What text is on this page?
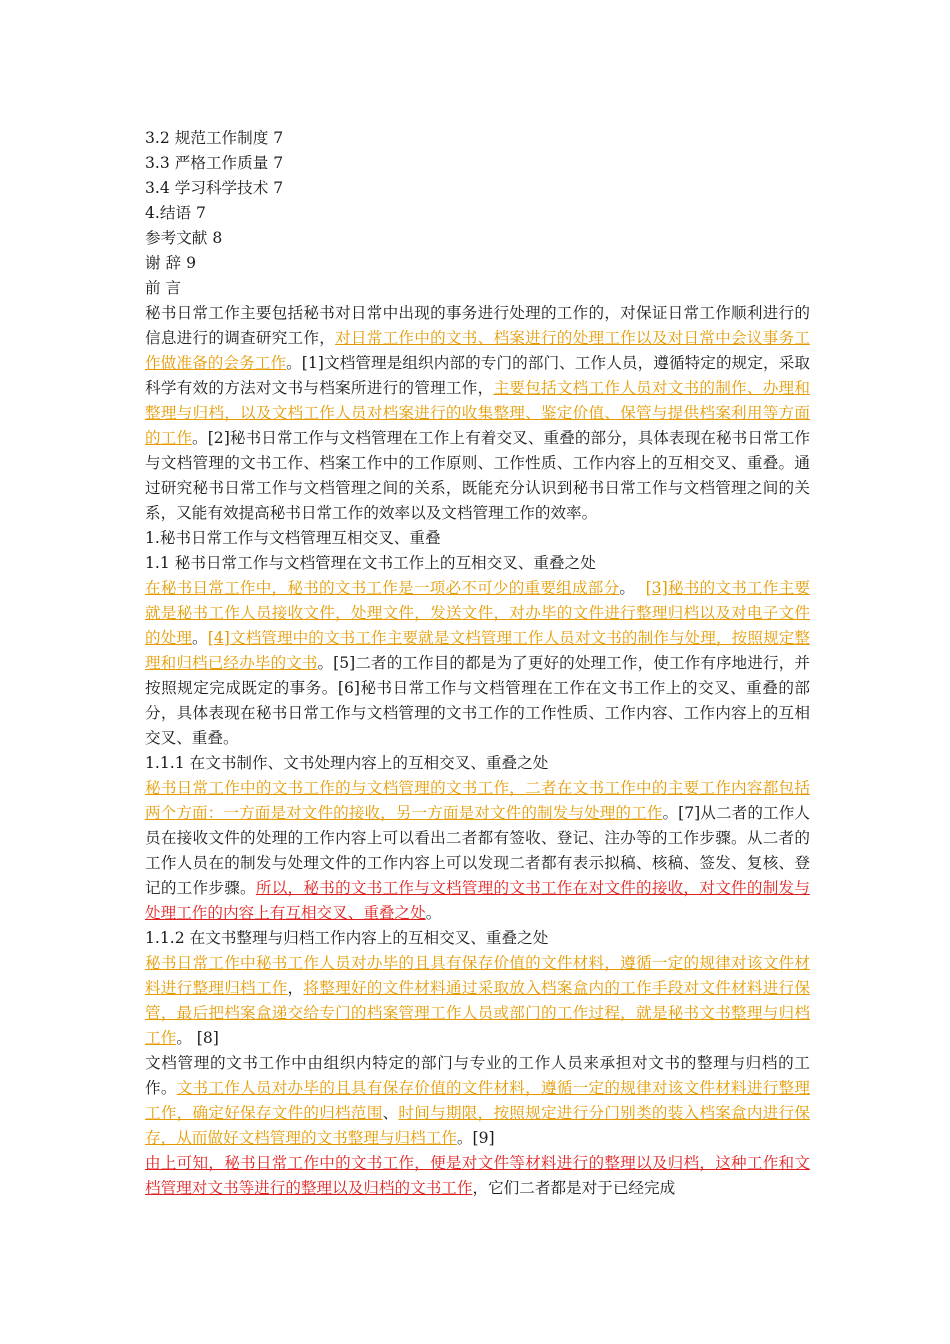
3.2 规范工作制度 7
3.3 严格工作质量 7
3.4 学习科学技术 7
4.结语 7
参考文献 8
谢 辞 9
前 言

秘书日常工作主要包括秘书对日常中出现的事务进行处理的工作的，对保证日常工作顺利进行的信息进行的调查研究工作，对日常工作中的文书、档案进行的处理工作以及对日常中会议事务工作做准备的会务工作。[1]文档管理是组织内部的专门的部门、工作人员，遵循特定的规定，采取科学有效的方法对文书与档案所进行的管理工作，主要包括文档工作人员对文书的制作、办理和整理与归档，以及文档工作人员对档案进行的收集整理、鉴定价值、保管与提供档案利用等方面的工作。[2]秘书日常工作与文档管理在工作上有着交叉、重叠的部分，具体表现在秘书日常工作与文档管理的文书工作、档案工作中的工作原则、工作性质、工作内容上的互相交叉、重叠。通过研究秘书日常工作与文档管理之间的关系，既能充分认识到秘书日常工作与文档管理之间的关系，又能有效提高秘书日常工作的效率以及文档管理工作的效率。

1.秘书日常工作与文档管理互相交叉、重叠
1.1 秘书日常工作与文档管理在文书工作上的互相交叉、重叠之处

在秘书日常工作中，秘书的文书工作是一项必不可少的重要组成部分。  [3]秘书的文书工作主要就是秘书工作人员接收文件，处理文件，发送文件，对办毕的文件进行整理归档以及对电子文件的处理。[4]文档管理中的文书工作主要就是文档管理工作人员对文书的制作与处理，按照规定整理和归档已经办毕的文书。[5]二者的工作目的都是为了更好的处理工作，使工作有序地进行，并按照规定完成既定的事务。[6]秘书日常工作与文档管理在工作在文书工作上的交叉、重叠的部分，具体表现在秘书日常工作与文档管理的文书工作的工作性质、工作内容、工作内容上的互相交叉、重叠。

1.1.1 在文书制作、文书处理内容上的互相交叉、重叠之处

秘书日常工作中的文书工作的与文档管理的文书工作，二者在文书工作中的主要工作内容都包括两个方面：一方面是对文件的接收，另一方面是对文件的制发与处理的工作。[7]从二者的工作人员在接收文件的处理的工作内容上可以看出二者都有签收、登记、注办等的工作步骤。从二者的工作人员在的制发与处理文件的工作内容上可以发现二者都有表示拟稿、核稿、签发、复核、登记的工作步骤。所以，秘书的文书工作与文档管理的文书工作在对文件的接收，对文件的制发与处理工作的内容上有互相交叉、重叠之处。

1.1.2 在文书整理与归档工作内容上的互相交叉、重叠之处

秘书日常工作中秘书工作人员对办毕的且具有保存价值的文件材料，遵循一定的规律对该文件材料进行整理归档工作，将整理好的文件材料通过采取放入档案盒内的工作手段对文件材料进行保管，最后把档案盒递交给专门的档案管理工作人员或部门的工作过程，就是秘书文书整理与归档工作。 [8]

文档管理的文书工作中由组织内特定的部门与专业的工作人员来承担对文书的整理与归档的工作。文书工作人员对办毕的且具有保存价值的文件材料，遵循一定的规律对该文件材料进行整理工作，确定好保存文件的归档范围、时间与期限，按照规定进行分门别类的装入档案盒内进行保存，从而做好文档管理的文书整理与归档工作。[9]

由上可知，秘书日常工作中的文书工作，便是对文件等材料进行的整理以及归档，这种工作和文档管理对文书等进行的整理以及归档的文书工作，它们二者都是对于已经完成
